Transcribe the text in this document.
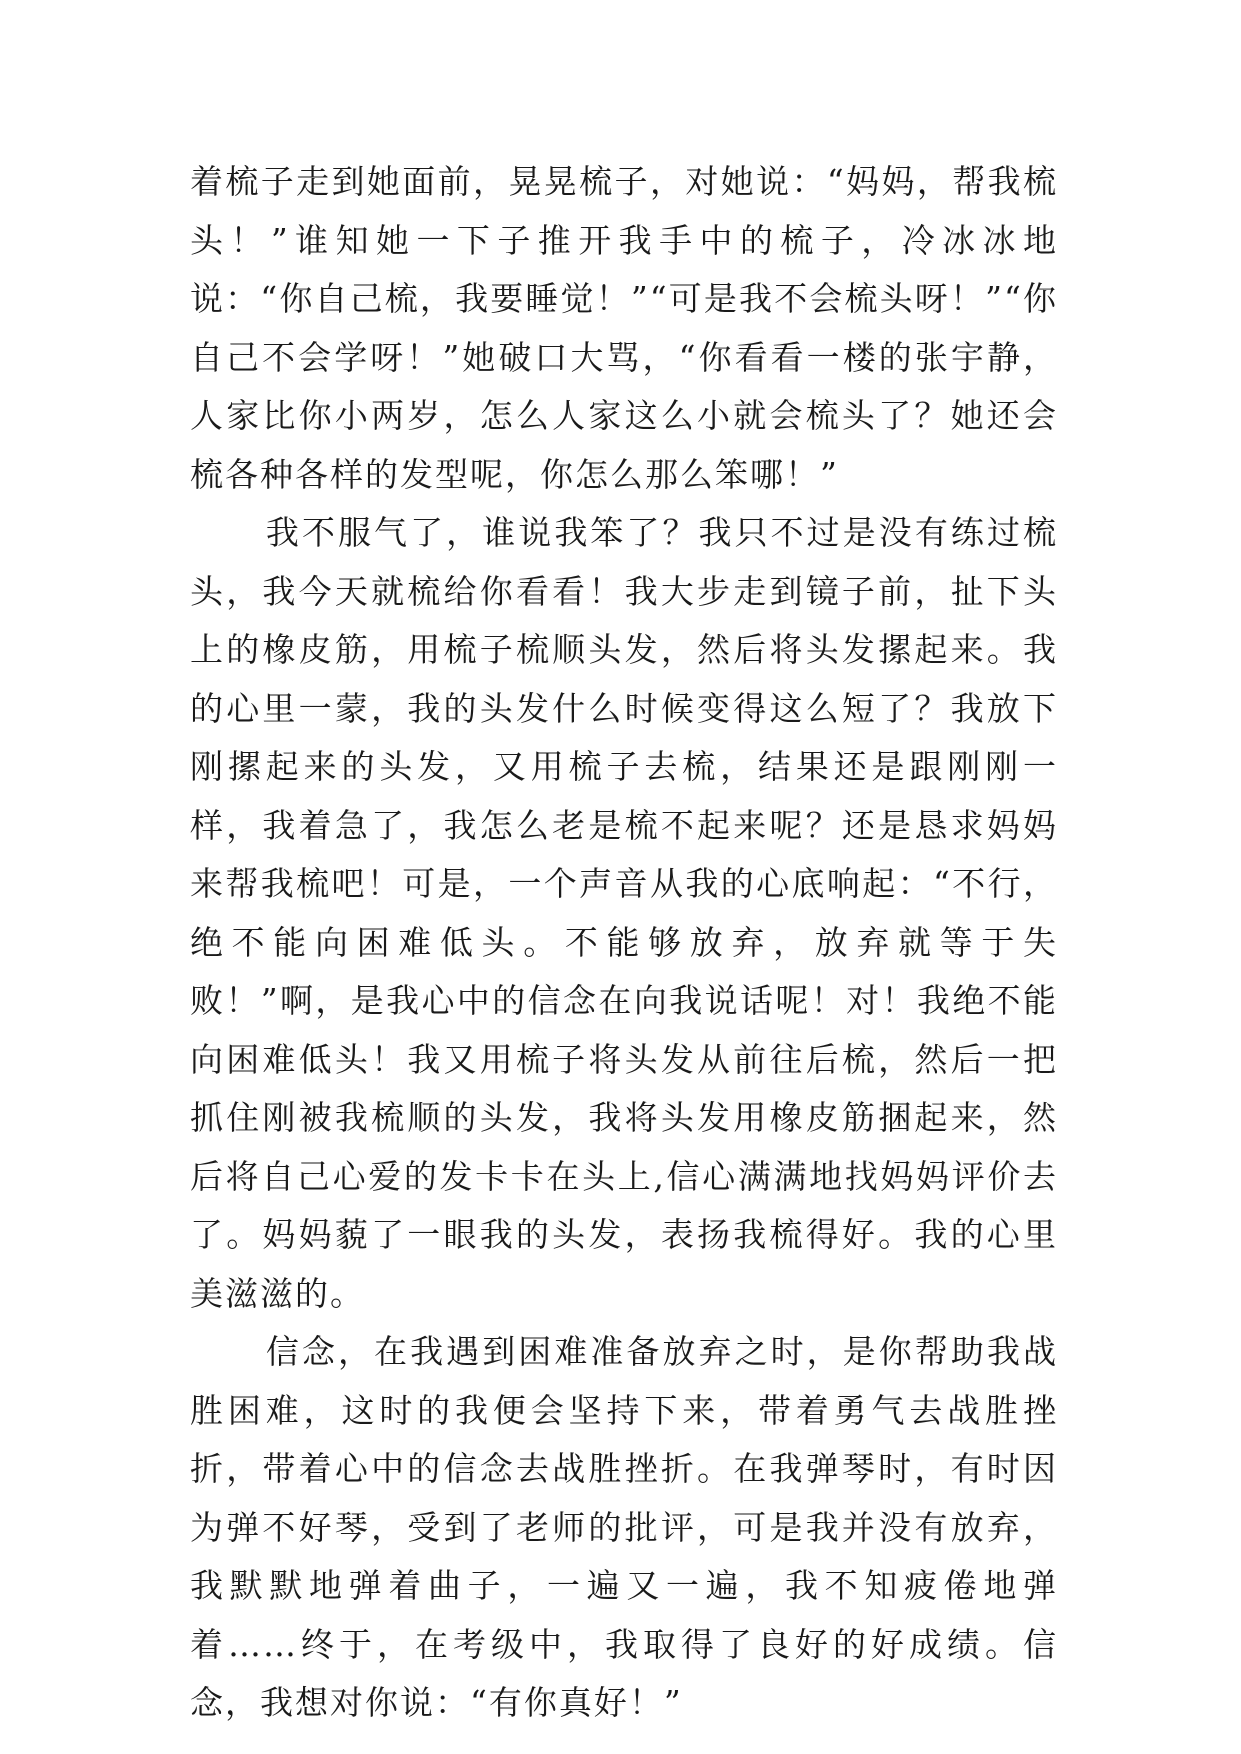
着梳子走到她面前，晃晃梳子，对她说：“妈妈，帮我梳头！”谁知她一下子推开我手中的梳子，冷冰冰地说：“你自己梳，我要睡觉！”“可是我不会梳头呀！”“你自己不会学呀！”她破口大骂，“你看看一楼的张宇静，人家比你小两岁，怎么人家这么小就会梳头了？她还会梳各种各样的发型呢，你怎么那么笨哪！”

我不服气了，谁说我笨了？我只不过是没有练过梳头，我今天就梳给你看看！我大步走到镜子前，扯下头上的橡皮筋，用梳子梳顺头发，然后将头发摞起来。我的心里一蒙，我的头发什么时候变得这么短了？我放下刚摞起来的头发，又用梳子去梳，结果还是跟刚刚一样，我着急了，我怎么老是梳不起来呢？还是恳求妈妈来帮我梳吧！可是，一个声音从我的心底响起：“不行，绝不能向困难低头。不能够放弃，放弃就等于失败！”啊，是我心中的信念在向我说话呢！对！我绝不能向困难低头！我又用梳子将头发从前往后梳，然后一把抓住刚被我梳顺的头发，我将头发用橡皮筋捆起来，然后将自己心爱的发卡卡在头上,信心满满地找妈妈评价去了。妈妈藐了一眼我的头发，表扬我梳得好。我的心里美滋滋的。

信念，在我遇到困难准备放弃之时，是你帮助我战胜困难，这时的我便会坚持下来，带着勇气去战胜挫折，带着心中的信念去战胜挫折。在我弹琴时，有时因为弹不好琴，受到了老师的批评，可是我并没有放弃，我默默地弹着曲子，一遍又一遍，我不知疲倦地弹着……终于，在考级中，我取得了良好的好成绩。信念，我想对你说：“有你真好！”
